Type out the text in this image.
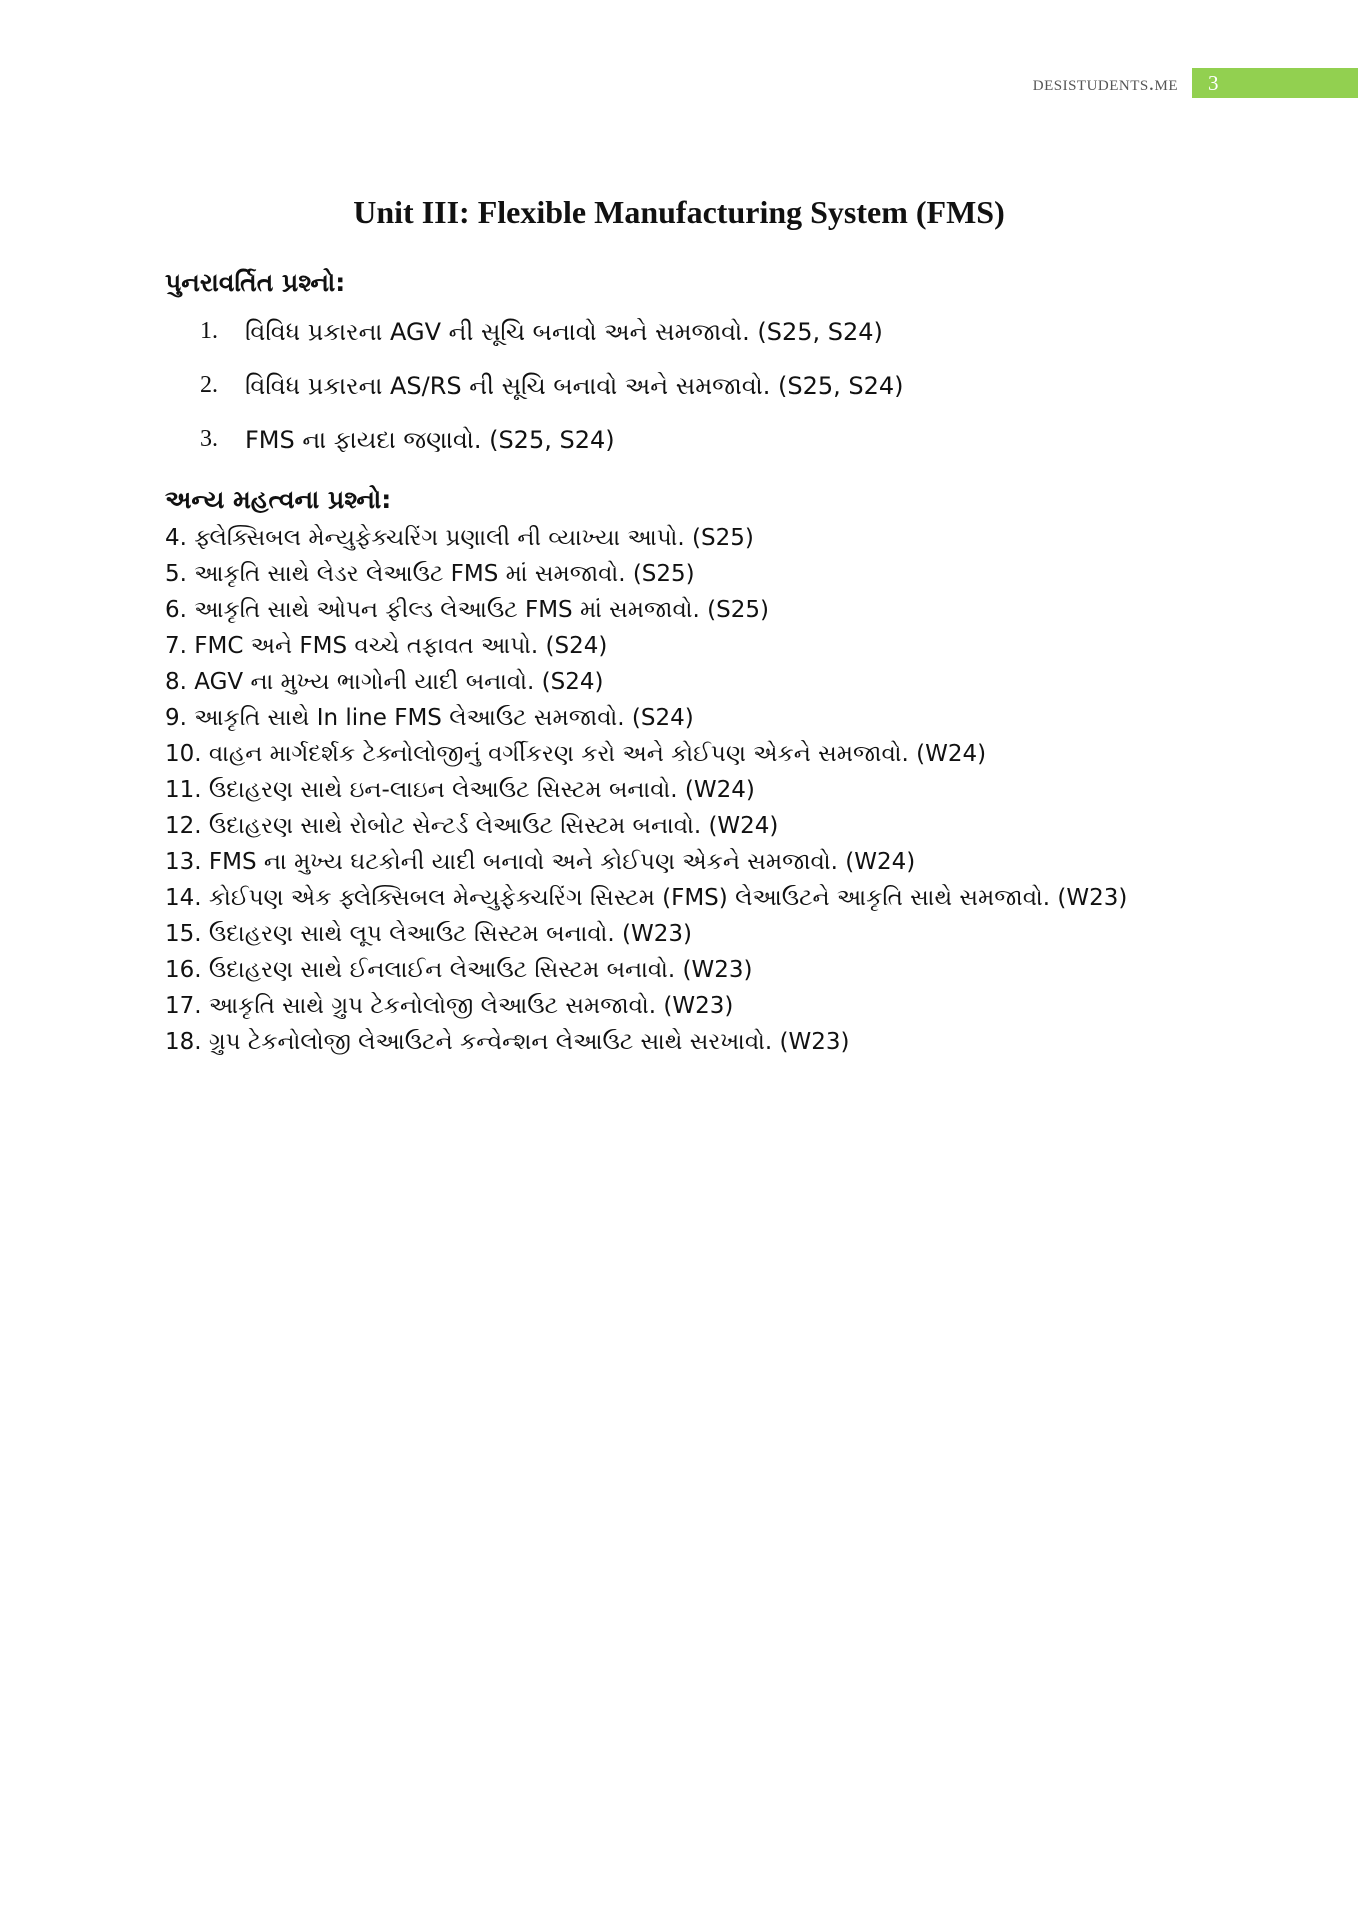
desistudents.me	3
Unit III: Flexible Manufacturing System (FMS)
પુનરાવર્તિત પ્રશ્નો:
1.	વિવિધ પ્રકારના AGV ની સૂચિ બનાવો અને સમજાવો. (S25, S24)
2.	વિવિધ પ્રકારના AS/RS ની સૂચિ બનાવો અને સમજાવો. (S25, S24)
3.	FMS ના ફાયદા જણાવો. (S25, S24)
અન્ય મહત્વના પ્રશ્નો:
4. ફ્લેક્સિબલ મેન્યુફેક્ચરિંગ પ્રણાલી ની વ્યાખ્યા આપો. (S25)
5. આકૃતિ સાથે લેડર લેઆઉટ FMS માં સમજાવો. (S25)
6. આકૃતિ સાથે ઓપન ફીલ્ડ લેઆઉટ FMS માં સમજાવો. (S25)
7. FMC અને FMS વચ્ચે તફાવત આપો. (S24)
8. AGV ના મુખ્ય ભાગોની યાદી બનાવો. (S24)
9. આકૃતિ સાથે In line FMS લેઆઉટ સમજાવો. (S24)
10. વાહન માર્ગદર્શક ટેક્નોલોજીનું વર્ગીકરણ કરો અને કોઈપણ એકને સમજાવો. (W24)
11. ઉદાહરણ સાથે ઇન-લાઇન લેઆઉટ સિસ્ટમ બનાવો. (W24)
12. ઉદાહરણ સાથે રોબોટ સેન્ટર્ડ લેઆઉટ સિસ્ટમ બનાવો. (W24)
13. FMS ના મુખ્ય ઘટકોની યાદી બનાવો અને કોઈપણ એકને સમજાવો. (W24)
14. કોઈપણ એક ફ્લેક્સિબલ મેન્યુફેક્ચરિંગ સિસ્ટમ (FMS) લેઆઉટને આકૃતિ સાથે સમજાવો. (W23)
15. ઉદાહરણ સાથે લૂપ લેઆઉટ સિસ્ટમ બનાવો. (W23)
16. ઉદાહરણ સાથે ઈનલાઈન લેઆઉટ સિસ્ટમ બનાવો. (W23)
17. આકૃતિ સાથે ગ્રુપ ટેકનોલોજી લેઆઉટ સમજાવો. (W23)
18. ગ્રુપ ટેકનોલોજી લેઆઉટને કન્વેન્શન લેઆઉટ સાથે સરખાવો. (W23)
